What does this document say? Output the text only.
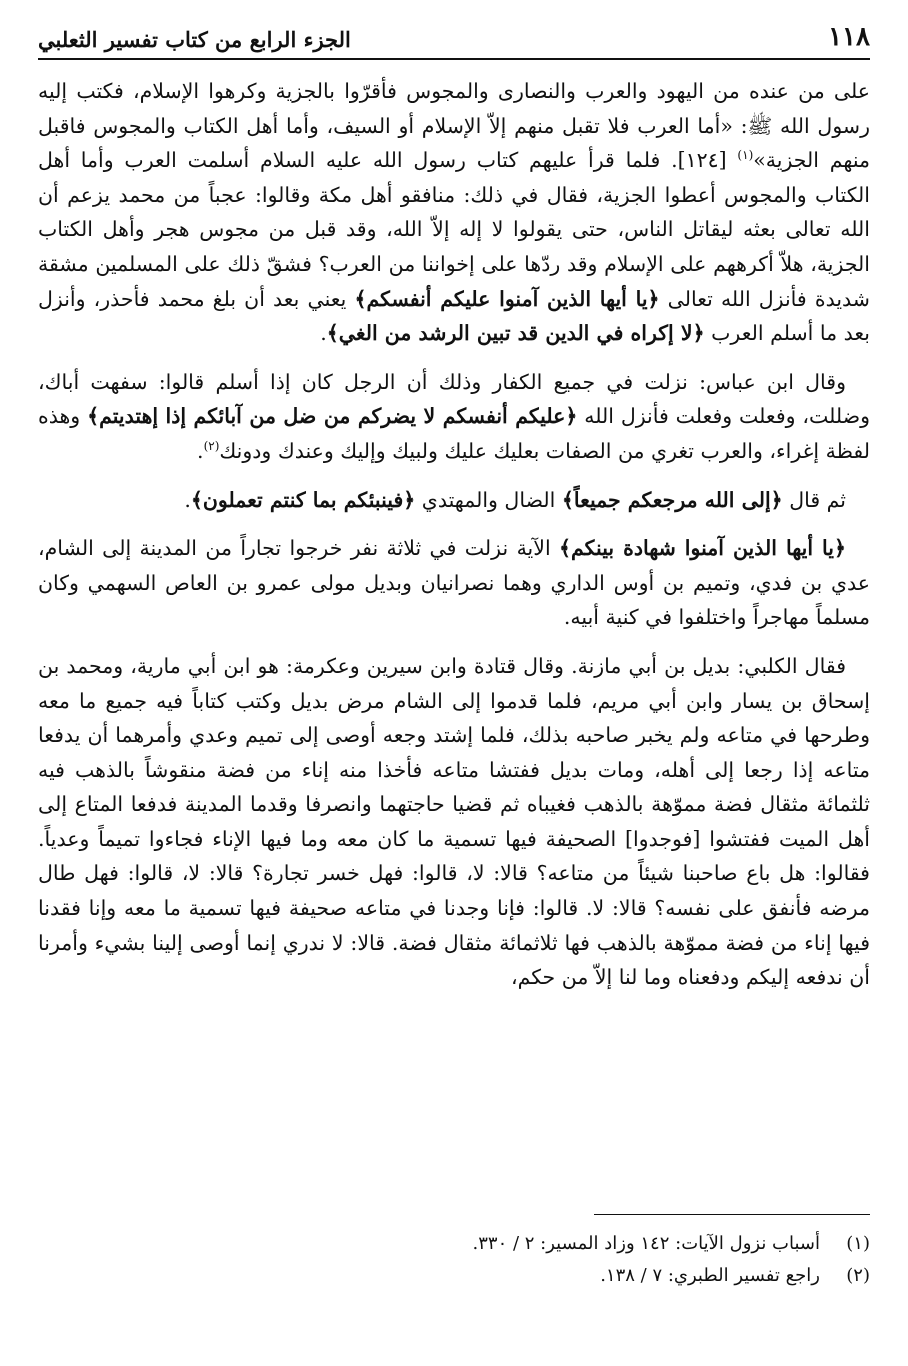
١١٨
الجزء الرابع من كتاب تفسير الثعلبي

على من عنده من اليهود والعرب والنصارى والمجوس فأقرّوا بالجزية وكرهوا الإسلام، فكتب إليه رسول الله ﷺ: «أما العرب فلا تقبل منهم إلاّ الإسلام أو السيف، وأما أهل الكتاب والمجوس فاقبل منهم الجزية»$^{(١)}$ [١٢٤]. فلما قرأ عليهم كتاب رسول الله عليه السلام أسلمت العرب وأما أهل الكتاب والمجوس أعطوا الجزية، فقال في ذلك: منافقو أهل مكة وقالوا: عجباً من محمد يزعم أن الله تعالى بعثه ليقاتل الناس، حتى يقولوا لا إله إلاّ الله، وقد قبل من مجوس هجر وأهل الكتاب الجزية، هلاّ أكرههم على الإسلام وقد ردّها على إخواننا من العرب؟ فشقّ ذلك على المسلمين مشقة شديدة فأنزل الله تعالى ﴿يا أيها الذين آمنوا عليكم أنفسكم﴾ يعني بعد أن بلغ محمد فأحذر، وأنزل بعد ما أسلم العرب ﴿لا إكراه في الدين قد تبين الرشد من الغي﴾.

وقال ابن عباس: نزلت في جميع الكفار وذلك أن الرجل كان إذا أسلم قالوا: سفهت أباك، وضللت، وفعلت وفعلت فأنزل الله ﴿عليكم أنفسكم لا يضركم من ضل من آبائكم إذا إهتديتم﴾ وهذه لفظة إغراء، والعرب تغري من الصفات بعليك عليك ولبيك وإليك وعندك ودونك$^{(٢)}$.

ثم قال ﴿إلى الله مرجعكم جميعاً﴾ الضال والمهتدي ﴿فينبئكم بما كنتم تعملون﴾.

﴿يا أيها الذين آمنوا شهادة بينكم﴾ الآية نزلت في ثلاثة نفر خرجوا تجاراً من المدينة إلى الشام، عدي بن فدي، وتميم بن أوس الداري وهما نصرانيان وبديل مولى عمرو بن العاص السهمي وكان مسلماً مهاجراً واختلفوا في كنية أبيه.

فقال الكلبي: بديل بن أبي مازنة. وقال قتادة وابن سيرين وعكرمة: هو ابن أبي مارية، ومحمد بن إسحاق بن يسار وابن أبي مريم، فلما قدموا إلى الشام مرض بديل وكتب كتاباً فيه جميع ما معه وطرحها في متاعه ولم يخبر صاحبه بذلك، فلما إشتد وجعه أوصى إلى تميم وعدي وأمرهما أن يدفعا متاعه إذا رجعا إلى أهله، ومات بديل ففتشا متاعه فأخذا منه إناء من فضة منقوشاً بالذهب فيه ثلثمائة مثقال فضة مموّهة بالذهب فغيباه ثم قضيا حاجتهما وانصرفا وقدما المدينة فدفعا المتاع إلى أهل الميت ففتشوا [فوجدوا] الصحيفة فيها تسمية ما كان معه وما فيها الإناء فجاءوا تميماً وعدياً. فقالوا: هل باع صاحبنا شيئاً من متاعه؟ قالا: لا، قالوا: فهل خسر تجارة؟ قالا: لا، قالوا: فهل طال مرضه فأنفق على نفسه؟ قالا: لا. قالوا: فإنا وجدنا في متاعه صحيفة فيها تسمية ما معه وإنا فقدنا فيها إناء من فضة مموّهة بالذهب فها ثلاثمائة مثقال فضة. قالا: لا ندري إنما أوصى إلينا بشيء وأمرنا أن ندفعه إليكم ودفعناه وما لنا إلاّ من حكم،

(١)
أسباب نزول الآيات: ١٤٢ وزاد المسير: ٢ / ٣٣٠.
(٢)
راجع تفسير الطبري: ٧ / ١٣٨.
